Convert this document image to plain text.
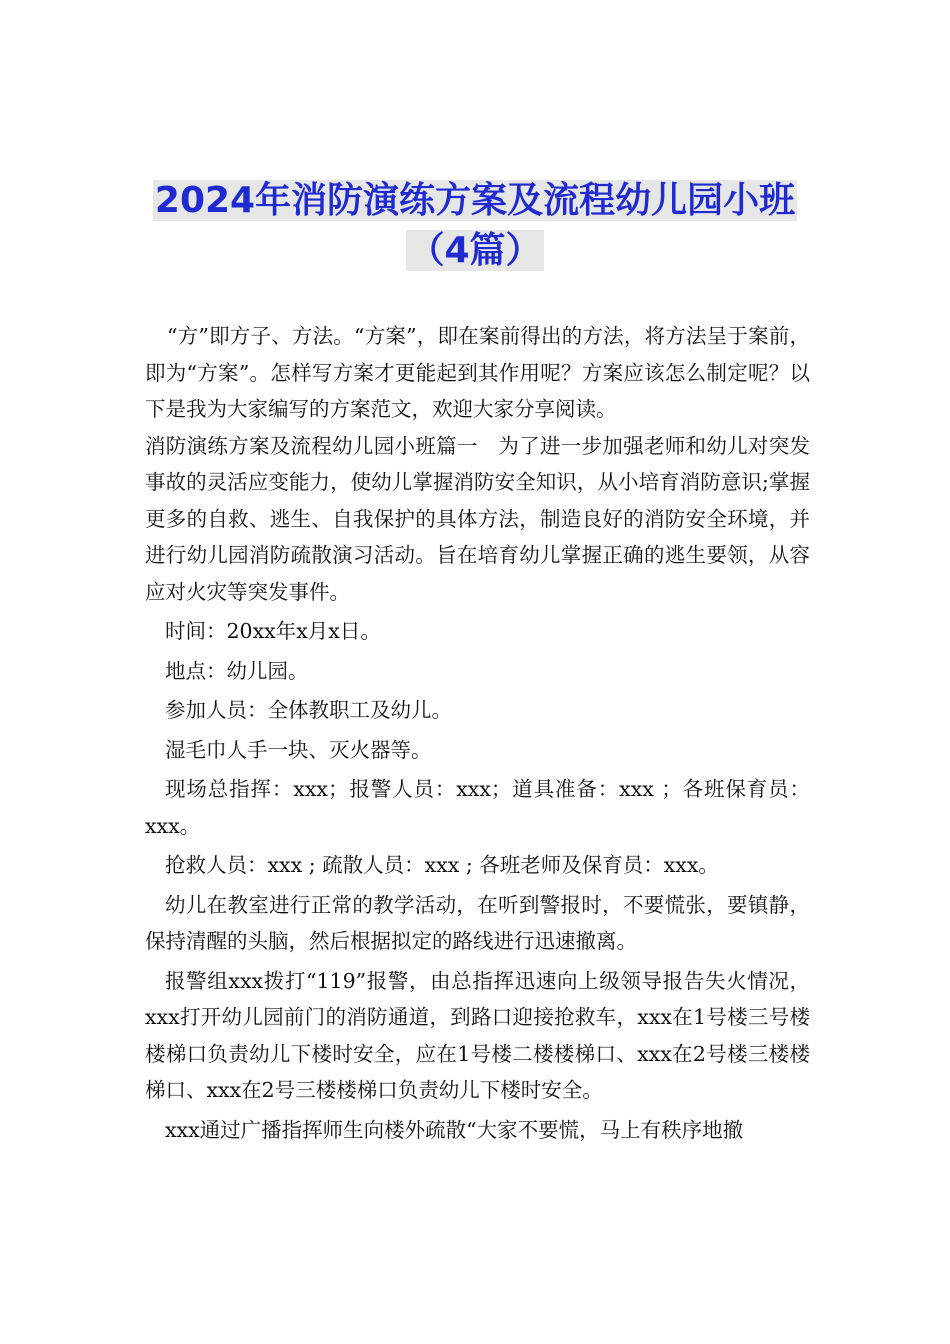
2024年消防演练方案及流程幼儿园小班
（4篇）

“方”即方子、方法。“方案”，即在案前得出的方法，将方法呈于案前，即为“方案”。怎样写方案才更能起到其作用呢？方案应该怎么制定呢？以下是我为大家编写的方案范文，欢迎大家分享阅读。

消防演练方案及流程幼儿园小班篇一　为了进一步加强老师和幼儿对突发事故的灵活应变能力，使幼儿掌握消防安全知识，从小培育消防意识;掌握更多的自救、逃生、自我保护的具体方法，制造良好的消防安全环境，并进行幼儿园消防疏散演习活动。旨在培育幼儿掌握正确的逃生要领，从容应对火灾等突发事件。

时间：20xx年x月x日。

地点：幼儿园。

参加人员：全体教职工及幼儿。

湿毛巾人手一块、灭火器等。

现场总指挥：xxx；报警人员：xxx；道具准备：xxx ；各班保育员：xxx。

抢救人员：xxx ; 疏散人员：xxx ; 各班老师及保育员：xxx。

幼儿在教室进行正常的教学活动，在听到警报时，不要慌张，要镇静，保持清醒的头脑，然后根据拟定的路线进行迅速撤离。

报警组xxx拨打“119”报警，由总指挥迅速向上级领导报告失火情况，xxx打开幼儿园前门的消防通道，到路口迎接抢救车，xxx在1号楼三号楼楼梯口负责幼儿下楼时安全，应在1号楼二楼楼梯口、xxx在2号楼三楼楼梯口、xxx在2号三楼楼梯口负责幼儿下楼时安全。

xxx通过广播指挥师生向楼外疏散“大家不要慌，马上有秩序地撤
